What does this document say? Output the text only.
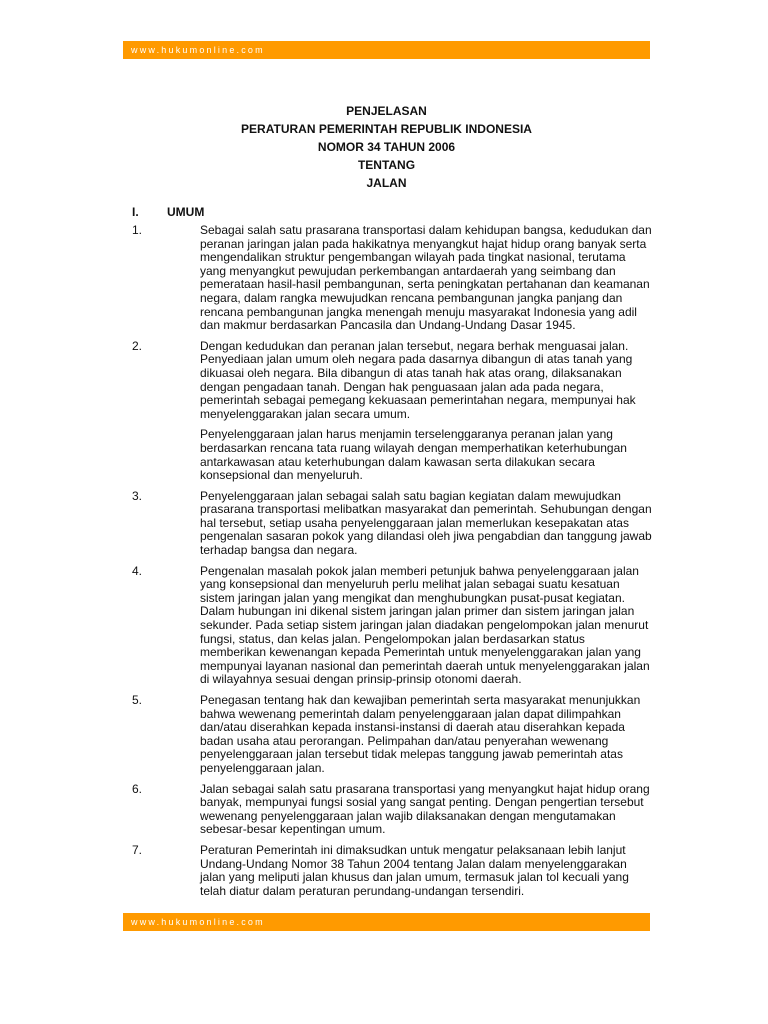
www.hukumonline.com
PENJELASAN
PERATURAN PEMERINTAH REPUBLIK INDONESIA
NOMOR 34 TAHUN 2006
TENTANG
JALAN
I.	UMUM
1.	Sebagai salah satu prasarana transportasi dalam kehidupan bangsa, kedudukan dan peranan jaringan jalan pada hakikatnya menyangkut hajat hidup orang banyak serta mengendalikan struktur pengembangan wilayah pada tingkat nasional, terutama yang menyangkut pewujudan perkembangan antardaerah yang seimbang dan pemerataan hasil-hasil pembangunan, serta peningkatan pertahanan dan keamanan negara, dalam rangka mewujudkan rencana pembangunan jangka panjang dan rencana pembangunan jangka menengah menuju masyarakat Indonesia yang adil dan makmur berdasarkan Pancasila dan Undang-Undang Dasar 1945.

2.	Dengan kedudukan dan peranan jalan tersebut, negara berhak menguasai jalan. Penyediaan jalan umum oleh negara pada dasarnya dibangun di atas tanah yang dikuasai oleh negara. Bila dibangun di atas tanah hak atas orang, dilaksanakan dengan pengadaan tanah. Dengan hak penguasaan jalan ada pada negara, pemerintah sebagai pemegang kekuasaan pemerintahan negara, mempunyai hak menyelenggarakan jalan secara umum.

Penyelenggaraan jalan harus menjamin terselenggaranya peranan jalan yang berdasarkan rencana tata ruang wilayah dengan memperhatikan keterhubungan antarkawasan atau keterhubungan dalam kawasan serta dilakukan secara konsepsional dan menyeluruh.

3.	Penyelenggaraan jalan sebagai salah satu bagian kegiatan dalam mewujudkan prasarana transportasi melibatkan masyarakat dan pemerintah. Sehubungan dengan hal tersebut, setiap usaha penyelenggaraan jalan memerlukan kesepakatan atas pengenalan sasaran pokok yang dilandasi oleh jiwa pengabdian dan tanggung jawab terhadap bangsa dan negara.

4.	Pengenalan masalah pokok jalan memberi petunjuk bahwa penyelenggaraan jalan yang konsepsional dan menyeluruh perlu melihat jalan sebagai suatu kesatuan sistem jaringan jalan yang mengikat dan menghubungkan pusat-pusat kegiatan. Dalam hubungan ini dikenal sistem jaringan jalan primer dan sistem jaringan jalan sekunder. Pada setiap sistem jaringan jalan diadakan pengelompokan jalan menurut fungsi, status, dan kelas jalan. Pengelompokan jalan berdasarkan status memberikan kewenangan kepada Pemerintah untuk menyelenggarakan jalan yang mempunyai layanan nasional dan pemerintah daerah untuk menyelenggarakan jalan di wilayahnya sesuai dengan prinsip-prinsip otonomi daerah.

5.	Penegasan tentang hak dan kewajiban pemerintah serta masyarakat menunjukkan bahwa wewenang pemerintah dalam penyelenggaraan jalan dapat dilimpahkan dan/atau diserahkan kepada instansi-instansi di daerah atau diserahkan kepada badan usaha atau perorangan. Pelimpahan dan/atau penyerahan wewenang penyelenggaraan jalan tersebut tidak melepas tanggung jawab pemerintah atas penyelenggaraan jalan.

6.	Jalan sebagai salah satu prasarana transportasi yang menyangkut hajat hidup orang banyak, mempunyai fungsi sosial yang sangat penting. Dengan pengertian tersebut wewenang penyelenggaraan jalan wajib dilaksanakan dengan mengutamakan sebesar-besar kepentingan umum.

7.	Peraturan Pemerintah ini dimaksudkan untuk mengatur pelaksanaan lebih lanjut Undang-Undang Nomor 38 Tahun 2004 tentang Jalan dalam menyelenggarakan jalan yang meliputi jalan khusus dan jalan umum, termasuk jalan tol kecuali yang telah diatur dalam peraturan perundang-undangan tersendiri.

www.hukumonline.com
